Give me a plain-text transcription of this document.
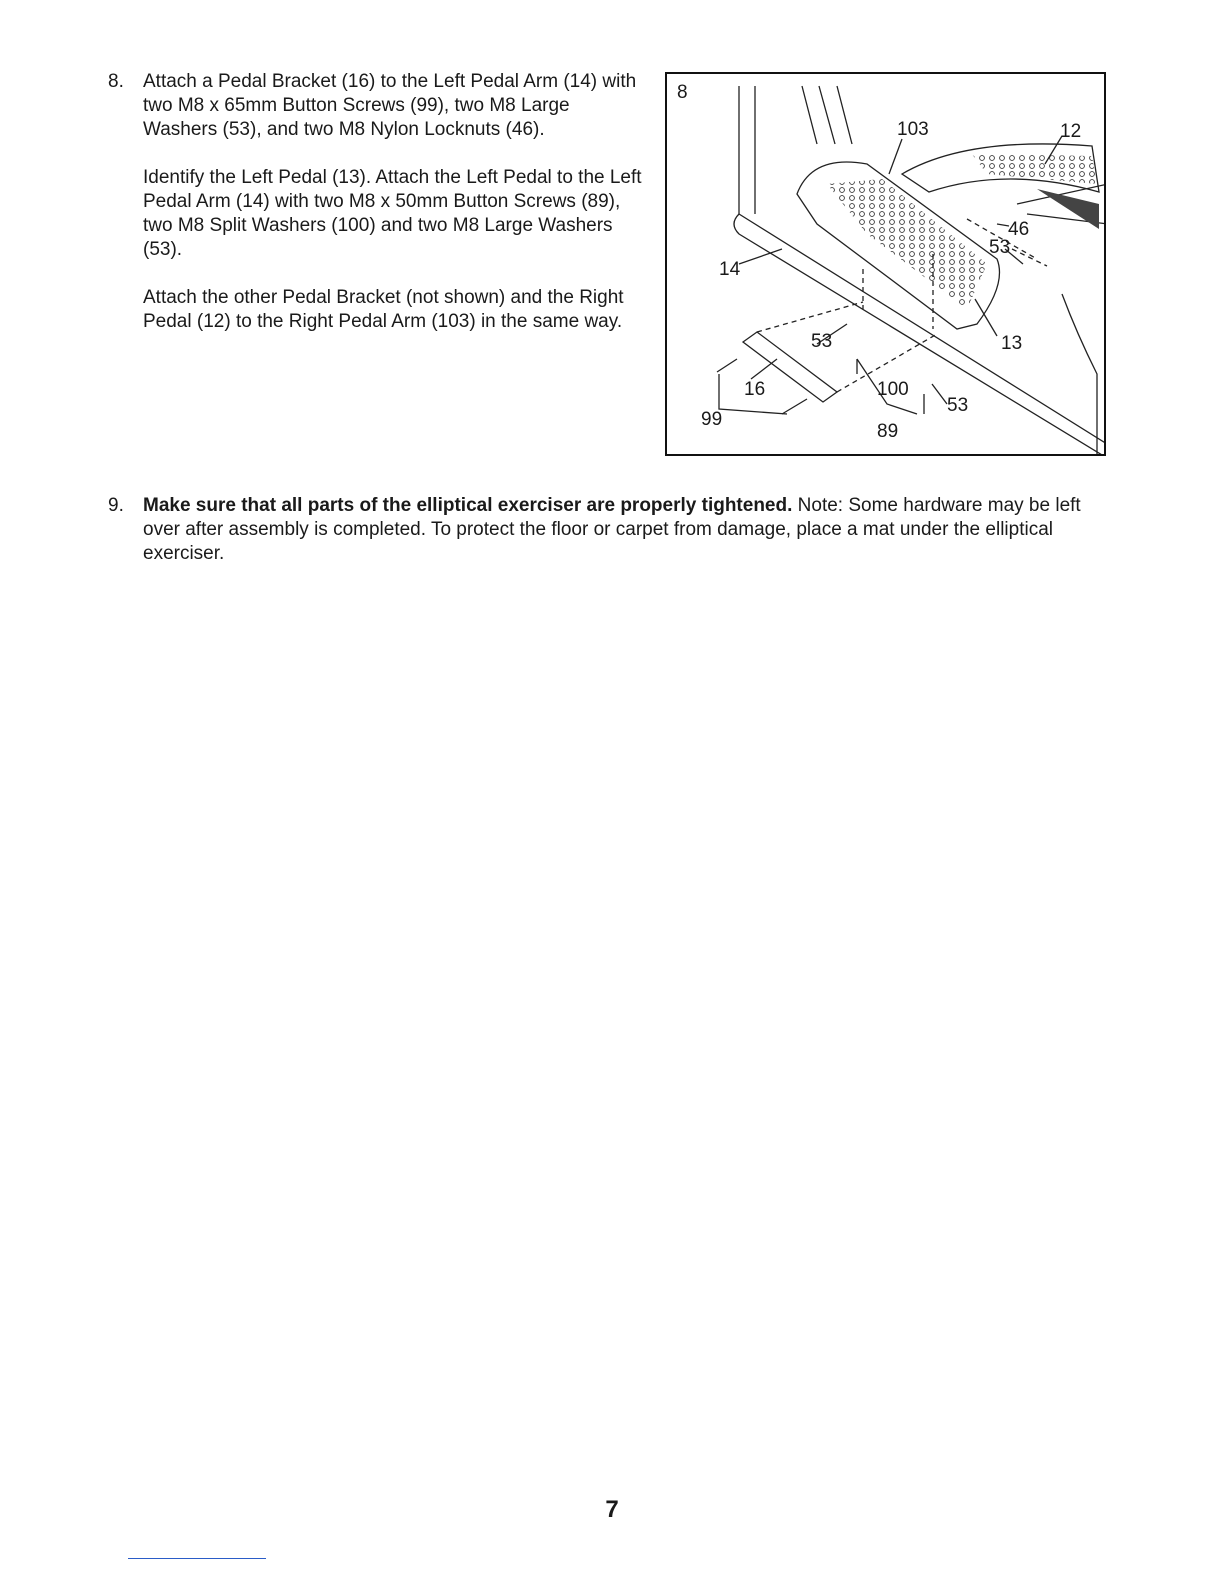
8. Attach a Pedal Bracket (16) to the Left Pedal Arm (14) with two M8 x 65mm Button Screws (99), two M8 Large Washers (53), and two M8 Nylon Locknuts (46).
Identify the Left Pedal (13). Attach the Left Pedal to the Left Pedal Arm (14) with two M8 x 50mm Button Screws (89), two M8 Split Washers (100) and two M8 Large Washers (53).
Attach the other Pedal Bracket (not shown) and the Right Pedal (12) to the Right Pedal Arm (103) in the same way.
8
103	12
46
53
14
53	13
16	100
53
99
89
9. Make sure that all parts of the elliptical exerciser are properly tightened. Note: Some hardware may be left over after assembly is completed. To protect the floor or carpet from damage, place a mat under the elliptical exerciser.
7
